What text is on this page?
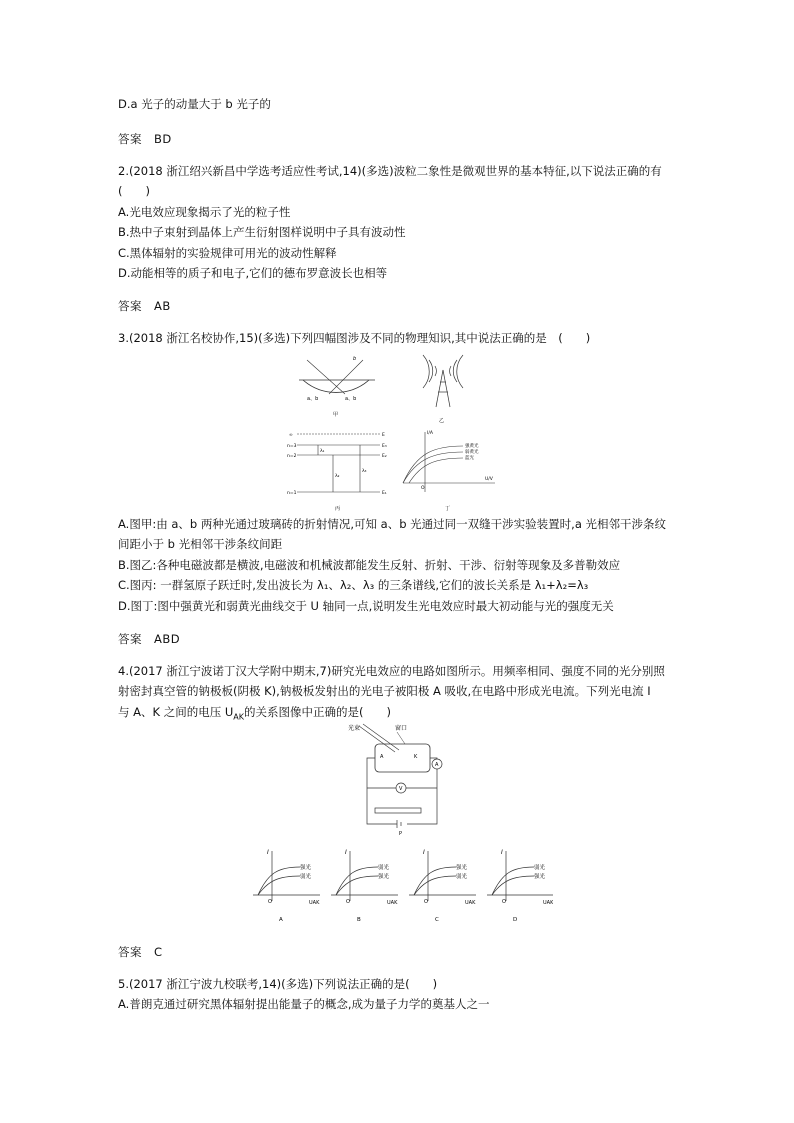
D.a 光子的动量大于 b 光子的
答案　BD
2.(2018 浙江绍兴新昌中学选考适应性考试,14)(多选)波粒二象性是微观世界的基本特征,以下说法正确的有
(　　)
A.光电效应现象揭示了光的粒子性
B.热中子束射到晶体上产生衍射图样说明中子具有波动性
C.黑体辐射的实验规律可用光的波动性解释
D.动能相等的质子和电子,它们的德布罗意波长也相等
答案　AB
3.(2018 浙江名校协作,15)(多选)下列四幅图涉及不同的物理知识,其中说法正确的是　(　　)
b
a、b	a、b
甲
乙
∞
n=3
n=2
n=1
E
E₃
E₂
E₁
λ₁
λ₂
λ₃
丙
I/A
U/V
O
强黄光
弱黄光
蓝光
丁
A.图甲:由 a、b 两种光通过玻璃砖的折射情况,可知 a、b 光通过同一双缝干涉实验装置时,a 光相邻干涉条纹
间距小于 b 光相邻干涉条纹间距
B.图乙:各种电磁波都是横波,电磁波和机械波都能发生反射、折射、干涉、衍射等现象及多普勒效应
C.图丙: 一群氢原子跃迁时,发出波长为 λ₁、λ₂、λ₃ 的三条谱线,它们的波长关系是 λ₁+λ₂=λ₃
D.图丁:图中强黄光和弱黄光曲线交于 U 轴同一点,说明发生光电效应时最大初动能与光的强度无关
答案　ABD
4.(2017 浙江宁波诺丁汉大学附中期末,7)研究光电效应的电路如图所示。用频率相同、强度不同的光分别照
射密封真空管的钠极板(阴极 K),钠极板发射出的光电子被阳极 A 吸收,在电路中形成光电流。下列光电流 I
与 A、K 之间的电压 $U_{AK}$的关系图像中正确的是(　　)
光束	窗口
A	K
A
V
P
I
O	UAK
强光
弱光
A
I
O	UAK
弱光
强光
B
I
O	UAK
强光
弱光
C
I
O	UAK
弱光
强光
D
答案　C
5.(2017 浙江宁波九校联考,14)(多选)下列说法正确的是(　　)
A.普朗克通过研究黑体辐射提出能量子的概念,成为量子力学的奠基人之一
